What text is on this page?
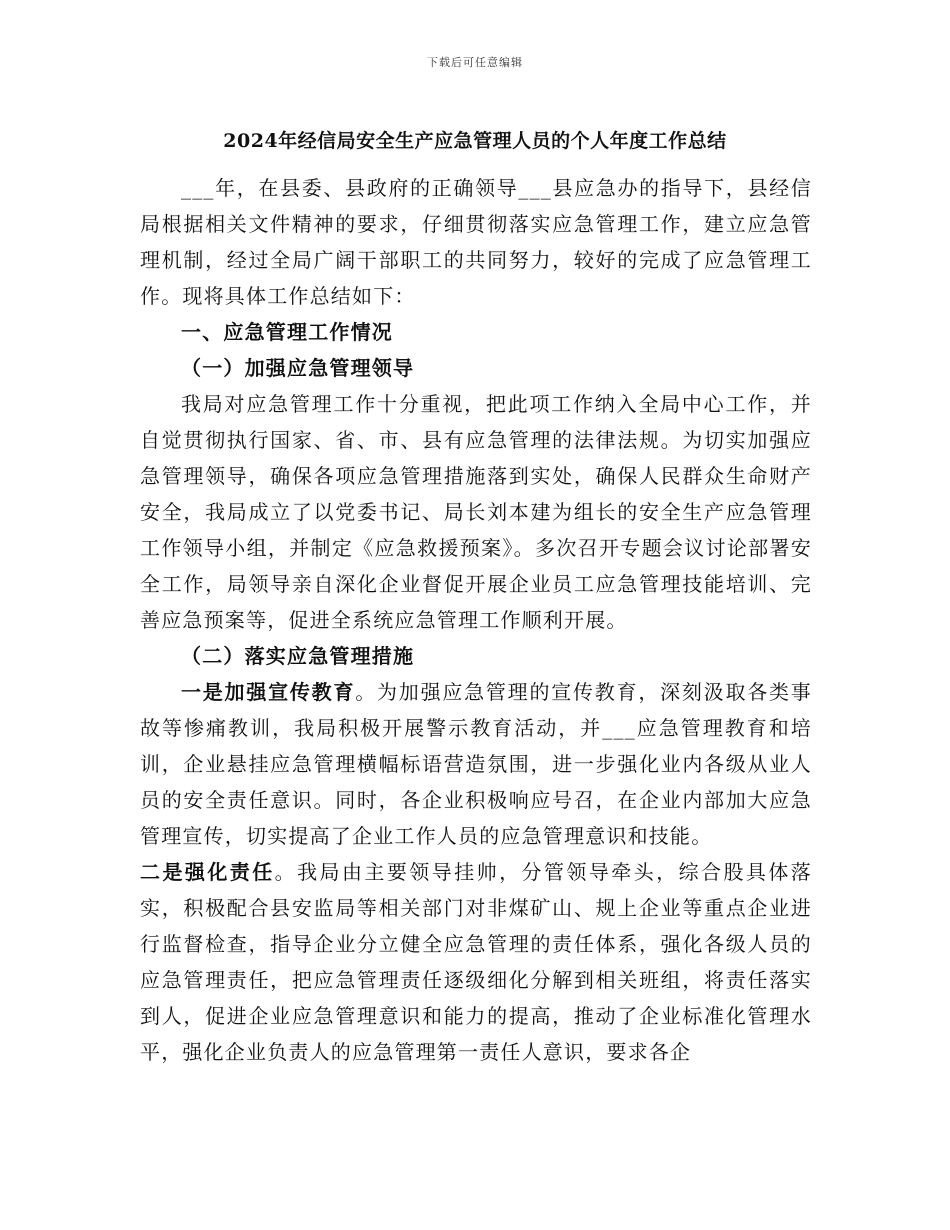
下载后可任意编辑
2024年经信局安全生产应急管理人员的个人年度工作总结

___年，在县委、县政府的正确领导___县应急办的指导下，县经信局根据相关文件精神的要求，仔细贯彻落实应急管理工作，建立应急管理机制，经过全局广阔干部职工的共同努力，较好的完成了应急管理工作。现将具体工作总结如下：

一、应急管理工作情况

（一）加强应急管理领导

我局对应急管理工作十分重视，把此项工作纳入全局中心工作，并自觉贯彻执行国家、省、市、县有应急管理的法律法规。为切实加强应急管理领导，确保各项应急管理措施落到实处，确保人民群众生命财产安全，我局成立了以党委书记、局长刘本建为组长的安全生产应急管理工作领导小组，并制定《应急救援预案》。多次召开专题会议讨论部署安全工作，局领导亲自深化企业督促开展企业员工应急管理技能培训、完善应急预案等，促进全系统应急管理工作顺利开展。

（二）落实应急管理措施

一是加强宣传教育。为加强应急管理的宣传教育，深刻汲取各类事故等惨痛教训，我局积极开展警示教育活动，并___应急管理教育和培训，企业悬挂应急管理横幅标语营造氛围，进一步强化业内各级从业人员的安全责任意识。同时，各企业积极响应号召，在企业内部加大应急管理宣传，切实提高了企业工作人员的应急管理意识和技能。

二是强化责任。我局由主要领导挂帅，分管领导牵头，综合股具体落实，积极配合县安监局等相关部门对非煤矿山、规上企业等重点企业进行监督检查，指导企业分立健全应急管理的责任体系，强化各级人员的应急管理责任，把应急管理责任逐级细化分解到相关班组，将责任落实到人，促进企业应急管理意识和能力的提高，推动了企业标准化管理水平，强化企业负责人的应急管理第一责任人意识，要求各企
